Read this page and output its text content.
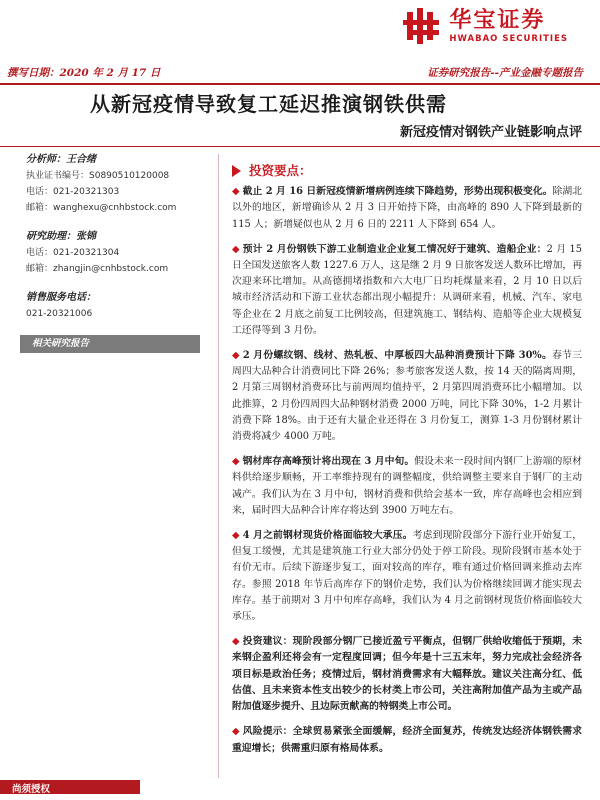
华宝证券
HWABAO SECURITIES
撰写日期：2020 年 2 月 17 日	证券研究报告--产业金融专题报告
从新冠疫情导致复工延迟推演钢铁供需
新冠疫情对钢铁产业链影响点评
分析师：王合绪
执业证书编号：S0890510120008
电话：021-20321303
邮箱：wanghexu@cnhbstock.com
研究助理：张锦
电话：021-20321304
邮箱：zhangjin@cnhbstock.com
销售服务电话：
021-20321006
相关研究报告
投资要点：
◆ 截止 2 月 16 日新冠疫情新增病例连续下降趋势，形势出现积极变化。除湖北以外的地区，新增确诊从 2 月 3 日开始持下降，由高峰的 890 人下降到最新的 115 人；新增疑似也从 2 月 6 日的 2211 人下降到 654 人。
◆ 预计 2 月份钢铁下游工业制造业企业复工情况好于建筑、造船企业：2 月 15 日全国发送旅客人数 1227.6 万人，这是继 2 月 9 日旅客发送人数环比增加，再次迎来环比增加。从高德拥堵指数和六大电厂日均耗煤量来看，2 月 10 日以后城市经济活动和下游工业状态都出现小幅提升：从调研来看，机械、汽车、家电等企业在 2 月底之前复工比例较高，但建筑施工、钢结构、造船等企业大规模复工还得等到 3 月份。
◆ 2 月份螺纹钢、线材、热轧板、中厚板四大品种消费预计下降 30%。春节三周四大品种合计消费同比下降 26%；参考旅客发送人数，按 14 天的隔离周期，2 月第三周钢材消费环比与前两周均值持平，2 月第四周消费环比小幅增加。以此推算，2 月份四周四大品种钢材消费 2000 万吨，同比下降 30%，1-2 月累计消费下降 18%。由于还有大量企业还得在 3 月份复工，测算 1-3 月份钢材累计消费将减少 4000 万吨。
◆ 钢材库存高峰预计将出现在 3 月中旬。假设未来一段时间内钢厂上游端的原材料供给逐步顺畅，开工率维持现有的调整幅度，供给调整主要来自于钢厂的主动减产。我们认为在 3 月中旬，钢材消费和供给会基本一致，库存高峰也会相应到来，届时四大品种合计库存将达到 3900 万吨左右。
◆ 4 月之前钢材现货价格面临较大承压。考虑到现阶段部分下游行业开始复工，但复工缓慢，尤其是建筑施工行业大部分仍处于停工阶段。现阶段钢市基本处于有价无市。后续下游逐步复工，面对较高的库存，唯有通过价格回调来推动去库存。参照 2018 年节后高库存下的钢价走势，我们认为价格继续回调才能实现去库存。基于前期对 3 月中旬库存高峰，我们认为 4 月之前钢材现货价格面临较大承压。
◆ 投资建议：现阶段部分钢厂已接近盈亏平衡点，但钢厂供给收缩低于预期，未来钢企盈利还将会有一定程度回调；但今年是十三五末年，努力完成社会经济各项目标是政治任务；疫情过后，钢材消费需求有大幅释放。建议关注高分红、低估值、且未来资本性支出较少的长材类上市公司，关注高附加值产品为主或产品附加值逐步提升、且边际贡献高的特钢类上市公司。
◆ 风险提示：全球贸易紧张全面缓解，经济全面复苏，传统发达经济体钢铁需求重迎增长；供需重归原有格局体系。
尚须授权
